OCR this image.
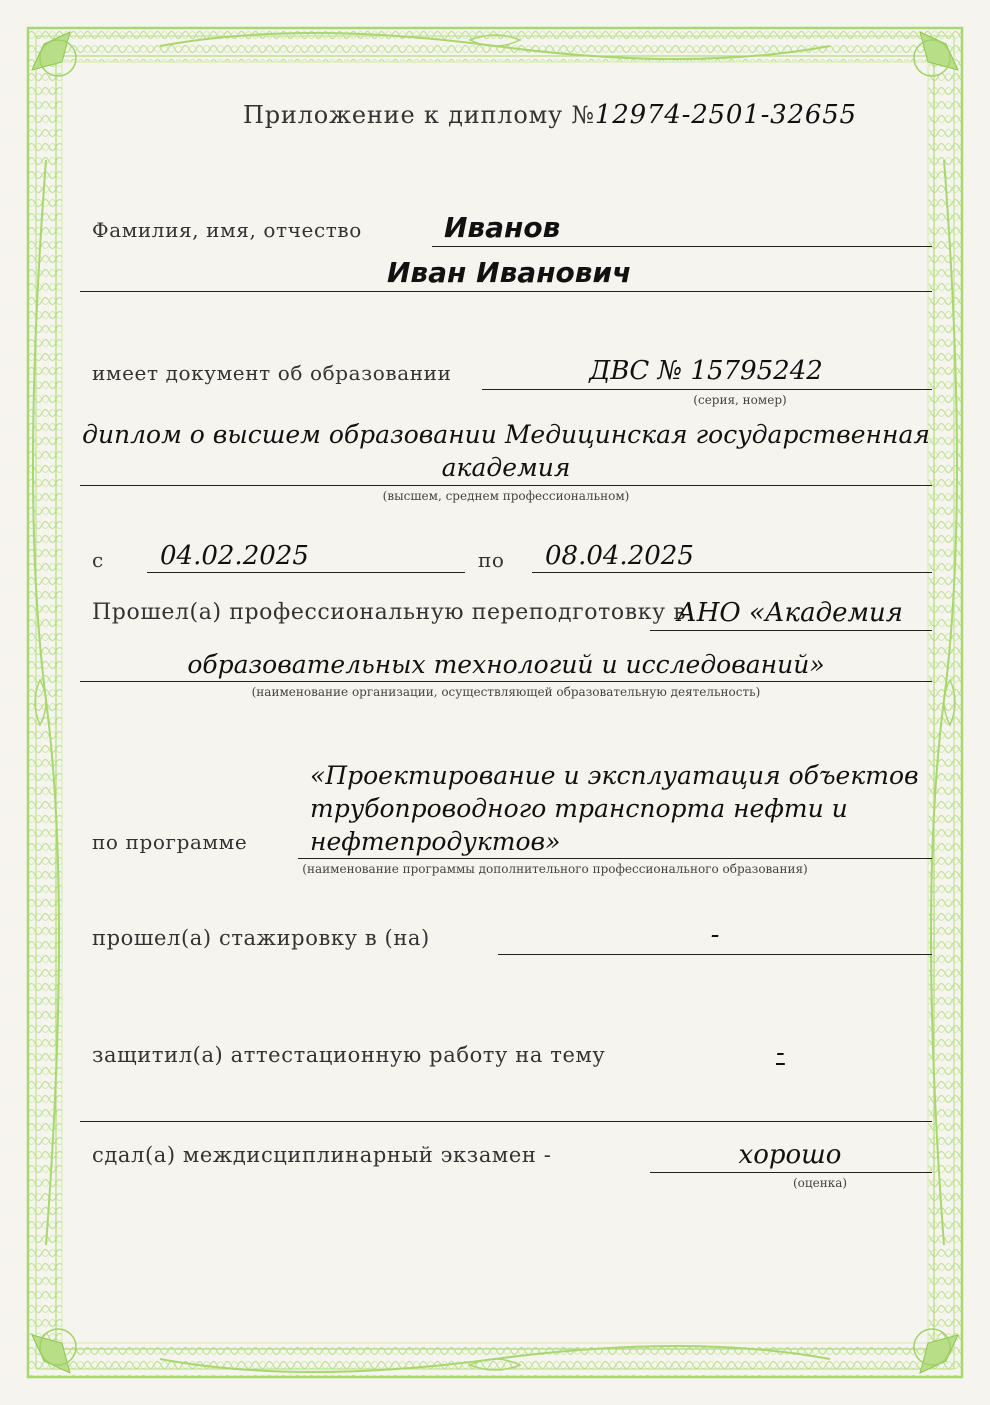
Приложение к диплому №12974-2501-32655
Фамилия, имя, отчество	Иванов
Иван Иванович
имеет документ об образовании	ДВС № 15795242
(серия, номер)
диплом о высшем образовании Медицинская государственная
академия
(высшем, среднем профессиональном)
с 04.02.2025	по 08.04.2025
Прошел(а) профессиональную переподготовку в
АНО «Академия
образовательных технологий и исследований»
(наименование организации, осуществляющей образовательную деятельность)
по программе
«Проектирование и эксплуатация объектов
трубопроводного транспорта нефти и
нефтепродуктов»
(наименование программы дополнительного профессионального образования)
прошел(а) стажировку в (на)	-
защитил(а) аттестационную работу на тему	-
сдал(а) междисциплинарный экзамен -	хорошо
(оценка)
